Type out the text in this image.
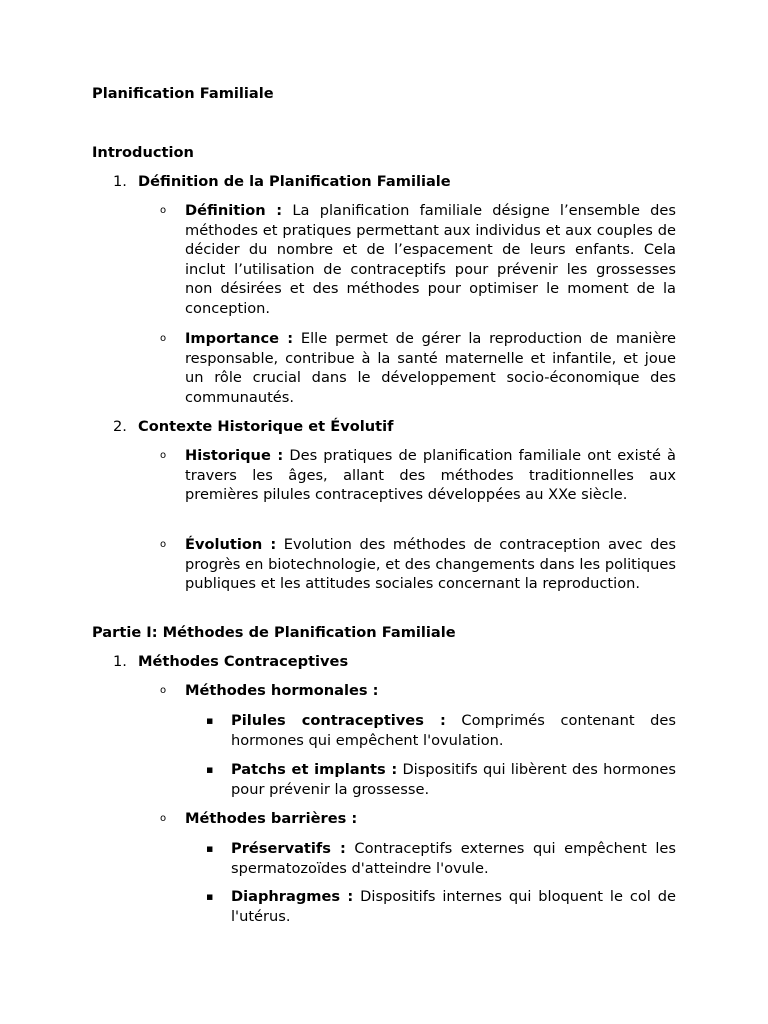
Planification Familiale
Introduction
1. Définition de la Planification Familiale
o Définition : La planification familiale désigne l’ensemble des méthodes et pratiques permettant aux individus et aux couples de décider du nombre et de l’espacement de leurs enfants. Cela inclut l’utilisation de contraceptifs pour prévenir les grossesses non désirées et des méthodes pour optimiser le moment de la conception.
o Importance : Elle permet de gérer la reproduction de manière responsable, contribue à la santé maternelle et infantile, et joue un rôle crucial dans le développement socio-économique des communautés.
2. Contexte Historique et Évolutif
o Historique : Des pratiques de planification familiale ont existé à travers les âges, allant des méthodes traditionnelles aux premières pilules contraceptives développées au XXe siècle.
o Évolution : Evolution des méthodes de contraception avec des progrès en biotechnologie, et des changements dans les politiques publiques et les attitudes sociales concernant la reproduction.
Partie I: Méthodes de Planification Familiale
1. Méthodes Contraceptives
o Méthodes hormonales :
▪ Pilules contraceptives : Comprimés contenant des hormones qui empêchent l'ovulation.
▪ Patchs et implants : Dispositifs qui libèrent des hormones pour prévenir la grossesse.
o Méthodes barrières :
▪ Préservatifs : Contraceptifs externes qui empêchent les spermatozoïdes d'atteindre l'ovule.
▪ Diaphragmes : Dispositifs internes qui bloquent le col de l'utérus.
